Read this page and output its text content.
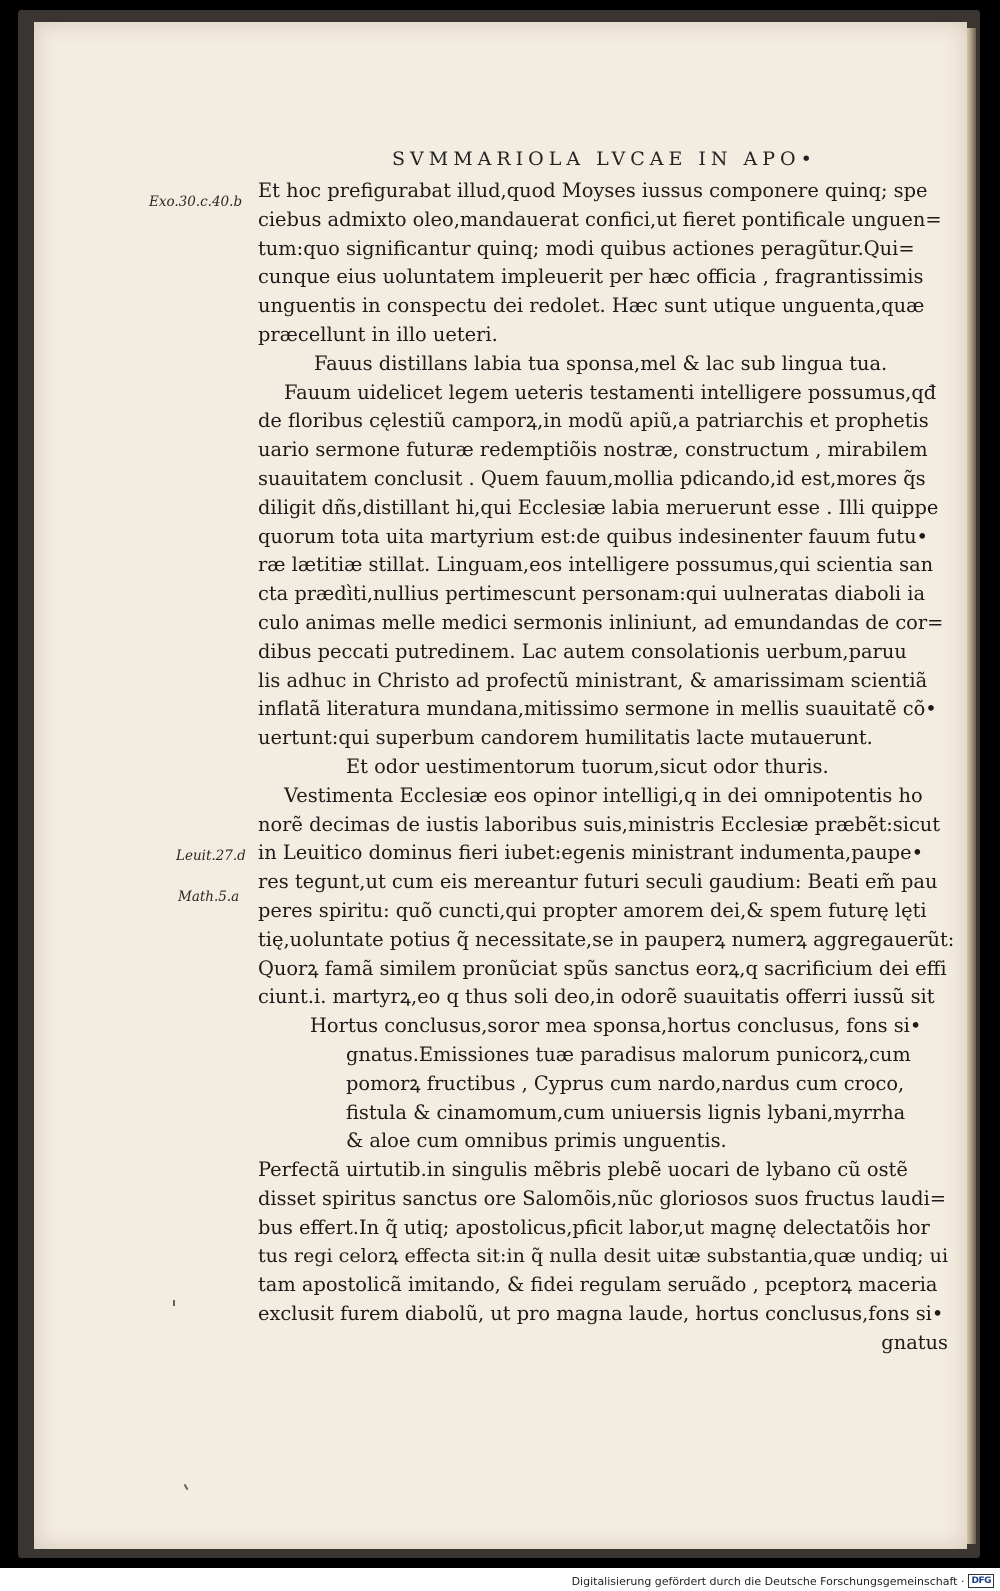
SVMMARIOLA LVCAE IN APO•
Exo.30.c.40.b
Leuit.27.d
Math.5.a
Et hoc prefigurabat illud,quod Moyses iussus componere quinq; spe
ciebus admixto oleo,mandauerat confici,ut fieret pontificale unguen=
tum:quo significantur quinq; modi quibus actiones peragũtur.Qui=
cunque eius uoluntatem impleuerit per hæc officia , fragrantissimis
unguentis in conspectu dei redolet. Hæc sunt utique unguenta,quæ
præcellunt in illo ueteri.
Fauus distillans labia tua sponsa,mel & lac sub lingua tua.
Fauum uidelicet legem ueteris testamenti intelligere possumus,qđ
de floribus cęlestiũ camporꝝ,in modũ apiũ,a patriarchis et prophetis
uario sermone futuræ redemptiõis nostræ, constructum , mirabilem
suauitatem conclusit . Quem fauum,mollia pdicando,id est,mores q̃s
diligit dñs,distillant hi,qui Ecclesiæ labia meruerunt esse . Illi quippe
quorum tota uita martyrium est:de quibus indesinenter fauum futu•
ræ lætitiæ stillat. Linguam,eos intelligere possumus,qui scientia san
cta prædìti,nullius pertimescunt personam:qui uulneratas diaboli ia
culo animas melle medici sermonis inliniunt, ad emundandas de cor=
dibus peccati putredinem. Lac autem consolationis uerbum,paruu
lis adhuc in Christo ad profectũ ministrant, & amarissimam scientiã
inflatã literatura mundana,mitissimo sermone in mellis suauitatẽ cõ•
uertunt:qui superbum candorem humilitatis lacte mutauerunt.
Et odor uestimentorum tuorum,sicut odor thuris.
Vestimenta Ecclesiæ eos opinor intelligi,q in dei omnipotentis ho
norẽ decimas de iustis laboribus suis,ministris Ecclesiæ præbẽt:sicut
in Leuitico dominus fieri iubet:egenis ministrant indumenta,paupe•
res tegunt,ut cum eis mereantur futuri seculi gaudium: Beati em̃ pau
peres spiritu: quõ cuncti,qui propter amorem dei,& spem futurę lęti
tię,uoluntate potius q̃ necessitate,se in pauperꝝ numerꝝ aggregauerũt:
Quorꝝ famã similem pronũciat spũs sanctus eorꝝ,q sacrificium dei effi
ciunt.i. martyrꝝ,eo q thus soli deo,in odorẽ suauitatis offerri iussũ sit
Hortus conclusus,soror mea sponsa,hortus conclusus, fons si•
gnatus.Emissiones tuæ paradisus malorum punicorꝝ,cum
pomorꝝ fructibus , Cyprus cum nardo,nardus cum croco,
fistula & cinamomum,cum uniuersis lignis lybani,myrrha
& aloe cum omnibus primis unguentis.
Perfectã uirtutib.in singulis mẽbris plebẽ uocari de lybano cũ ostẽ
disset spiritus sanctus ore Salomõis,nũc gloriosos suos fructus laudi=
bus effert.In q̃ utiq; apostolicus,pficit labor,ut magnę delectatõis hor
tus regi celorꝝ effecta sit:in q̃ nulla desit uitæ substantia,quæ undiq; ui
tam apostolicã imitando, & fidei regulam seruãdo , pceptorꝝ maceria
exclusit furem diabolũ, ut pro magna laude, hortus conclusus,fons si•
gnatus
Digitalisierung gefördert durch die Deutsche Forschungsgemeinschaft · DFG
